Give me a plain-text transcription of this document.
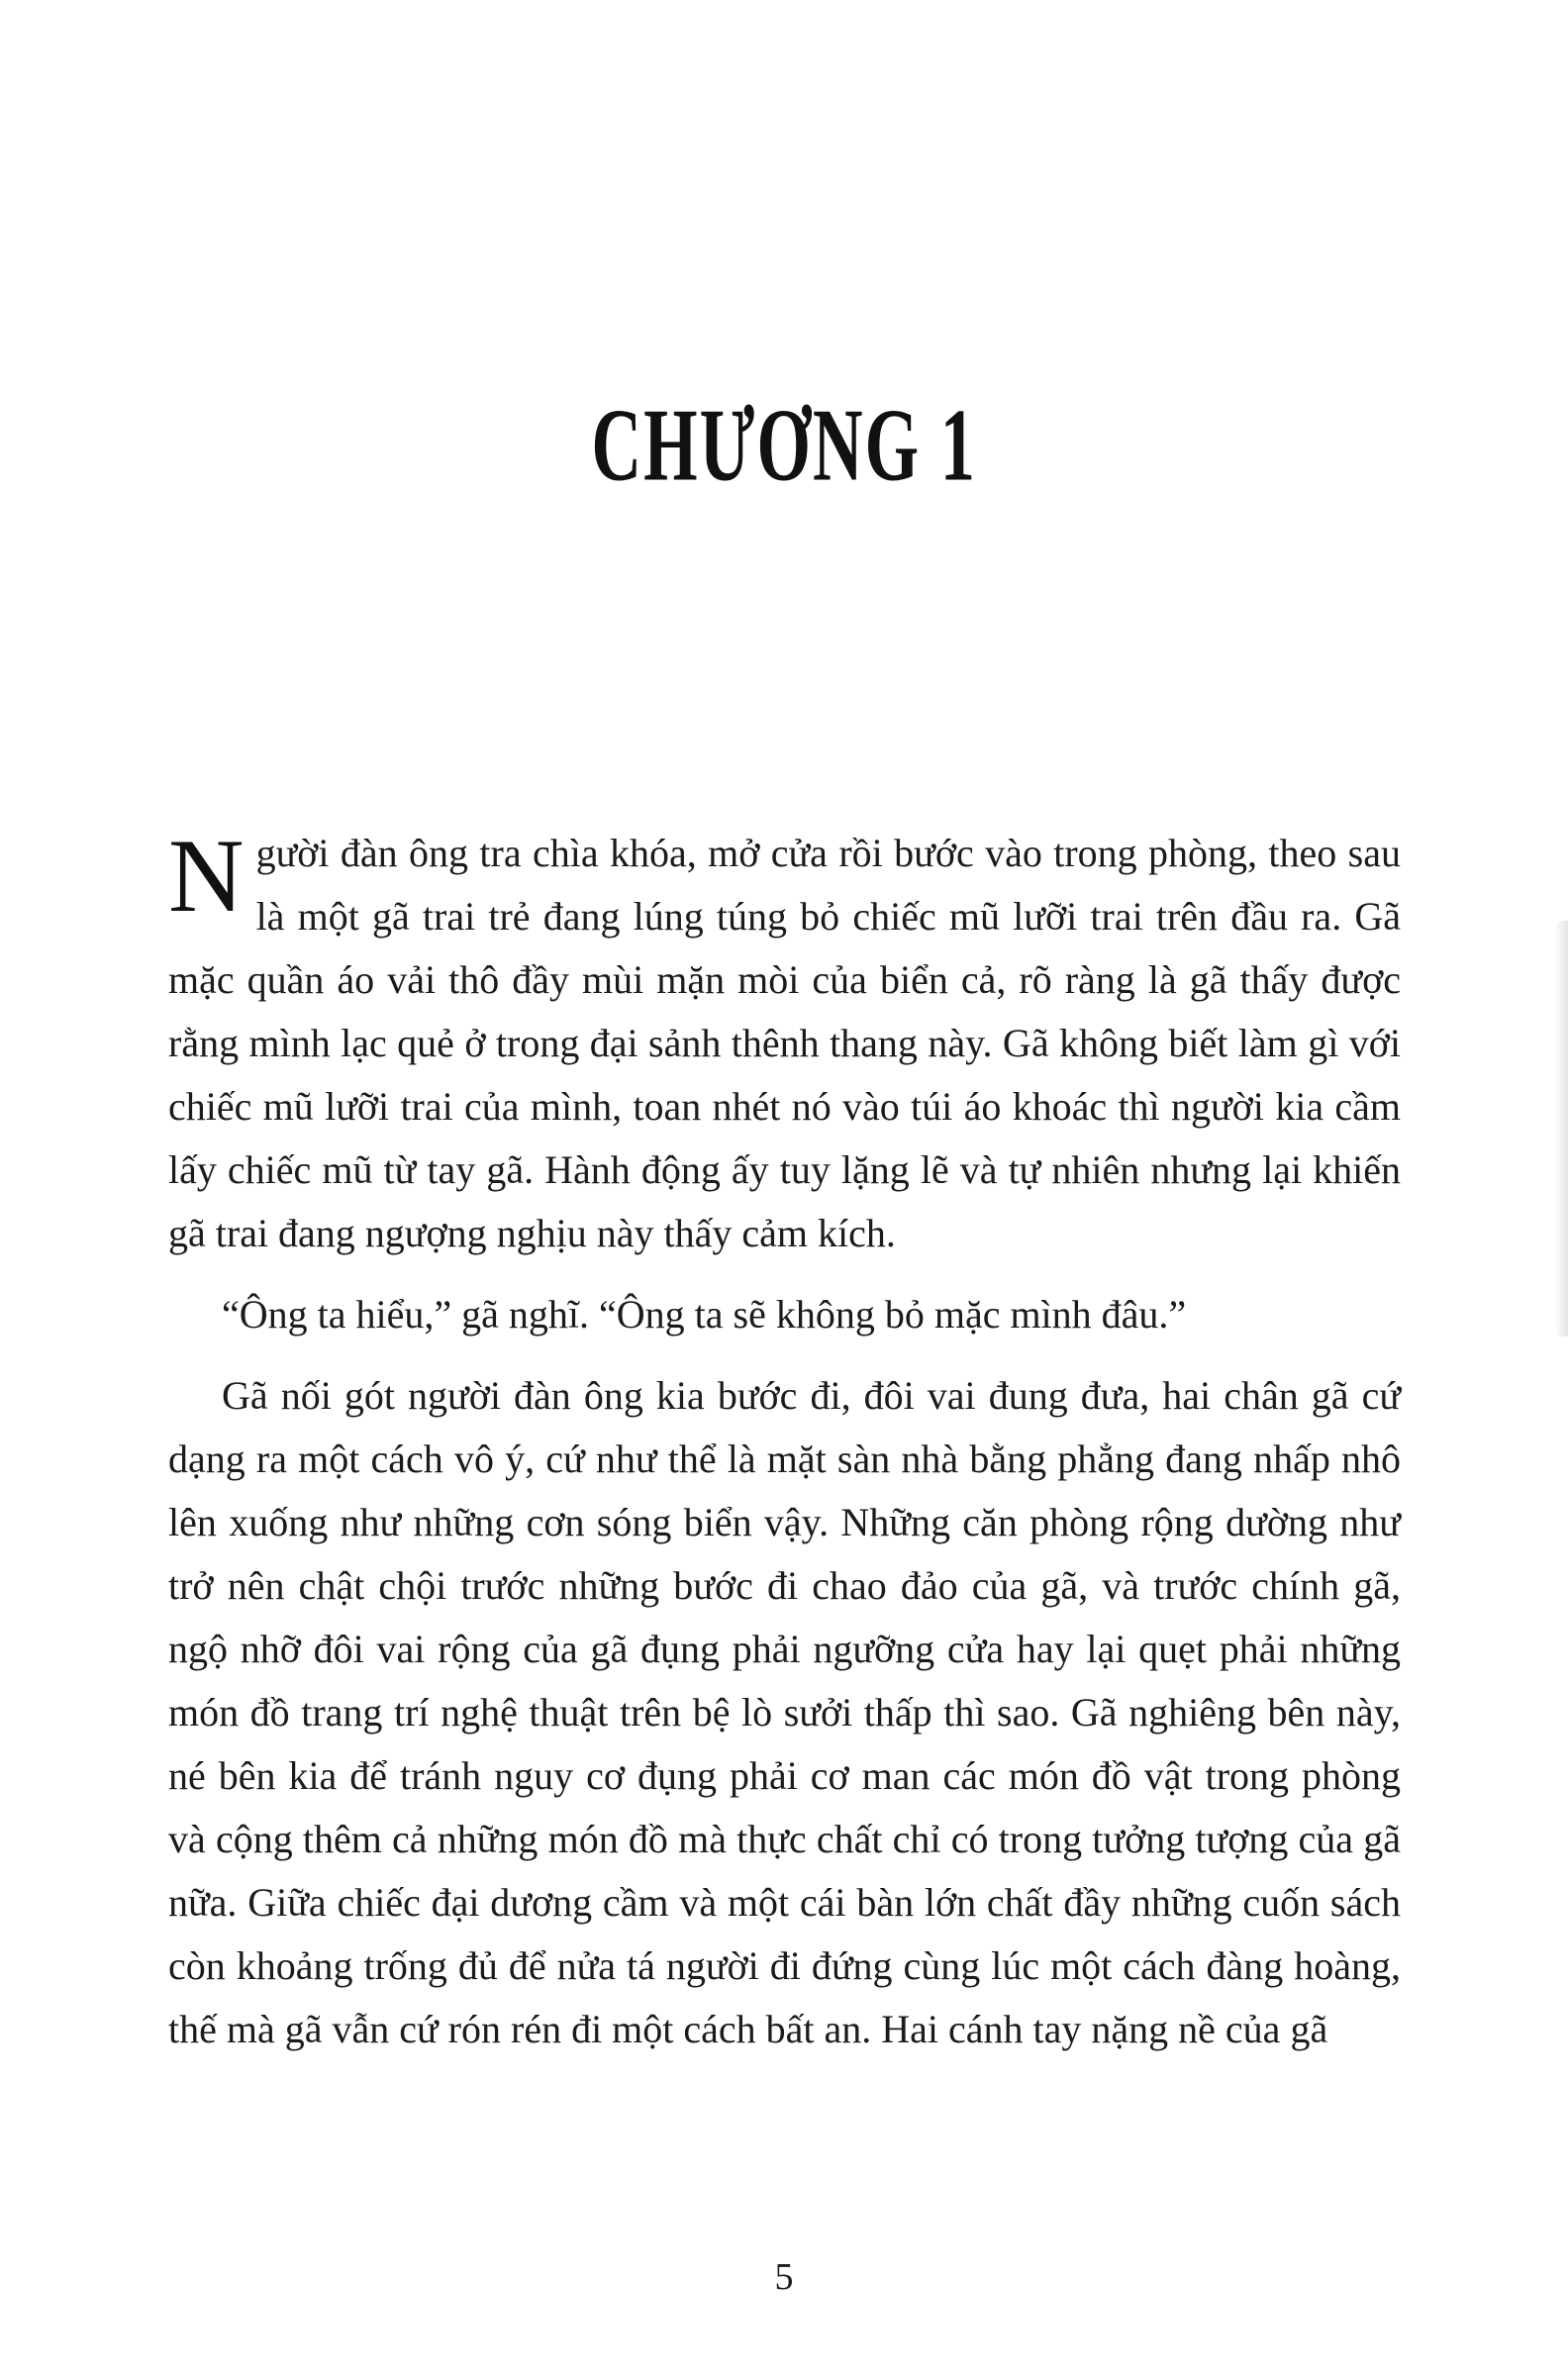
CHƯƠNG 1

Người đàn ông tra chìa khóa, mở cửa rồi bước vào trong phòng, theo sau là một gã trai trẻ đang lúng túng bỏ chiếc mũ lưỡi trai trên đầu ra. Gã mặc quần áo vải thô đầy mùi mặn mòi của biển cả, rõ ràng là gã thấy được rằng mình lạc quẻ ở trong đại sảnh thênh thang này. Gã không biết làm gì với chiếc mũ lưỡi trai của mình, toan nhét nó vào túi áo khoác thì người kia cầm lấy chiếc mũ từ tay gã. Hành động ấy tuy lặng lẽ và tự nhiên nhưng lại khiến gã trai đang ngượng nghịu này thấy cảm kích.

“Ông ta hiểu,” gã nghĩ. “Ông ta sẽ không bỏ mặc mình đâu.”

Gã nối gót người đàn ông kia bước đi, đôi vai đung đưa, hai chân gã cứ dạng ra một cách vô ý, cứ như thể là mặt sàn nhà bằng phẳng đang nhấp nhô lên xuống như những cơn sóng biển vậy. Những căn phòng rộng dường như trở nên chật chội trước những bước đi chao đảo của gã, và trước chính gã, ngộ nhỡ đôi vai rộng của gã đụng phải ngưỡng cửa hay lại quẹt phải những món đồ trang trí nghệ thuật trên bệ lò sưởi thấp thì sao. Gã nghiêng bên này, né bên kia để tránh nguy cơ đụng phải cơ man các món đồ vật trong phòng và cộng thêm cả những món đồ mà thực chất chỉ có trong tưởng tượng của gã nữa. Giữa chiếc đại dương cầm và một cái bàn lớn chất đầy những cuốn sách còn khoảng trống đủ để nửa tá người đi đứng cùng lúc một cách đàng hoàng, thế mà gã vẫn cứ rón rén đi một cách bất an. Hai cánh tay nặng nề của gã

5
